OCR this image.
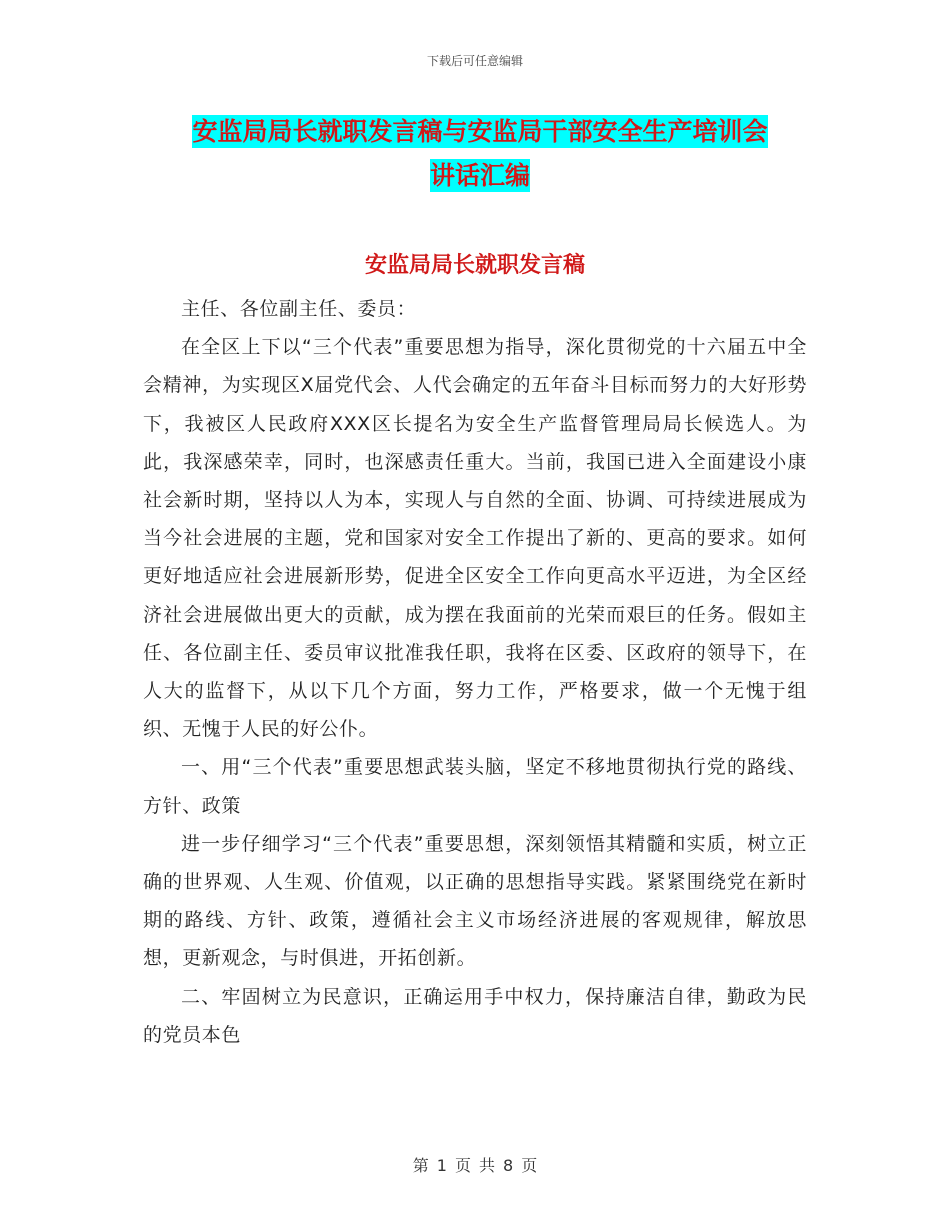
下载后可任意编辑
安监局局长就职发言稿与安监局干部安全生产培训会
讲话汇编
安监局局长就职发言稿

主任、各位副主任、委员：

在全区上下以“三个代表”重要思想为指导，深化贯彻党的十六届五中全会精神，为实现区X届党代会、人代会确定的五年奋斗目标而努力的大好形势下，我被区人民政府XXX区长提名为安全生产监督管理局局长候选人。为此，我深感荣幸，同时，也深感责任重大。当前，我国已进入全面建设小康社会新时期，坚持以人为本，实现人与自然的全面、协调、可持续进展成为当今社会进展的主题，党和国家对安全工作提出了新的、更高的要求。如何更好地适应社会进展新形势，促进全区安全工作向更高水平迈进，为全区经济社会进展做出更大的贡献，成为摆在我面前的光荣而艰巨的任务。假如主任、各位副主任、委员审议批准我任职，我将在区委、区政府的领导下，在人大的监督下，从以下几个方面，努力工作，严格要求，做一个无愧于组织、无愧于人民的好公仆。

一、用“三个代表”重要思想武装头脑，坚定不移地贯彻执行党的路线、方针、政策

进一步仔细学习“三个代表”重要思想，深刻领悟其精髓和实质，树立正确的世界观、人生观、价值观，以正确的思想指导实践。紧紧围绕党在新时期的路线、方针、政策，遵循社会主义市场经济进展的客观规律，解放思想，更新观念，与时俱进，开拓创新。

二、牢固树立为民意识，正确运用手中权力，保持廉洁自律，勤政为民的党员本色

第 1 页 共 8 页
